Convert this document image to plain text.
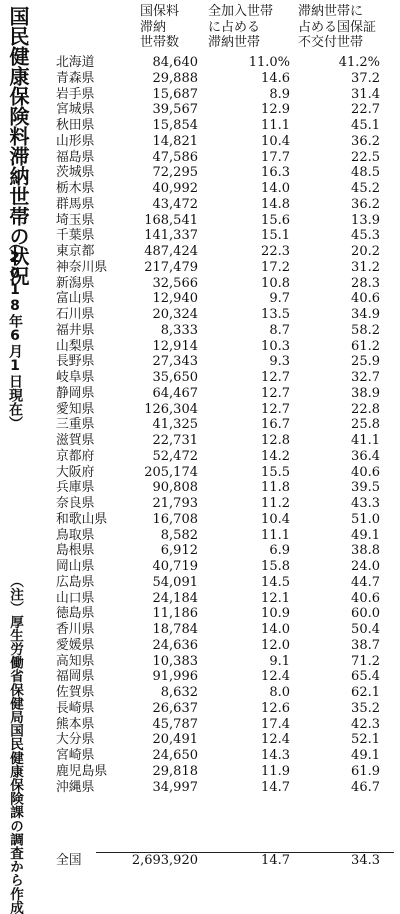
国民健康保険料滞納世帯の状況
（2018年6月1日現在）
（注）厚生労働省保健局国民健康保険課の調査から作成
国保料
滞納
世帯数
全加入世帯
に占める
滞納世帯
滞納世帯に
占める国保証
不交付世帯
北海道	84,640	11.0%	41.2%
青森県	29,888	14.6	37.2
岩手県	15,687	8.9	31.4
宮城県	39,567	12.9	22.7
秋田県	15,854	11.1	45.1
山形県	14,821	10.4	36.2
福島県	47,586	17.7	22.5
茨城県	72,295	16.3	48.5
栃木県	40,992	14.0	45.2
群馬県	43,472	14.8	36.2
埼玉県	168,541	15.6	13.9
千葉県	141,337	15.1	45.3
東京都	487,424	22.3	20.2
神奈川県	217,479	17.2	31.2
新潟県	32,566	10.8	28.3
富山県	12,940	9.7	40.6
石川県	20,324	13.5	34.9
福井県	8,333	8.7	58.2
山梨県	12,914	10.3	61.2
長野県	27,343	9.3	25.9
岐阜県	35,650	12.7	32.7
静岡県	64,467	12.7	38.9
愛知県	126,304	12.7	22.8
三重県	41,325	16.7	25.8
滋賀県	22,731	12.8	41.1
京都府	52,472	14.2	36.4
大阪府	205,174	15.5	40.6
兵庫県	90,808	11.8	39.5
奈良県	21,793	11.2	43.3
和歌山県	16,708	10.4	51.0
鳥取県	8,582	11.1	49.1
島根県	6,912	6.9	38.8
岡山県	40,719	15.8	24.0
広島県	54,091	14.5	44.7
山口県	24,184	12.1	40.6
徳島県	11,186	10.9	60.0
香川県	18,784	14.0	50.4
愛媛県	24,636	12.0	38.7
高知県	10,383	9.1	71.2
福岡県	91,996	12.4	65.4
佐賀県	8,632	8.0	62.1
長崎県	26,637	12.6	35.2
熊本県	45,787	17.4	42.3
大分県	20,491	12.4	52.1
宮崎県	24,650	14.3	49.1
鹿児島県	29,818	11.9	61.9
沖縄県	34,997	14.7	46.7
全国	2,693,920	14.7	34.3
